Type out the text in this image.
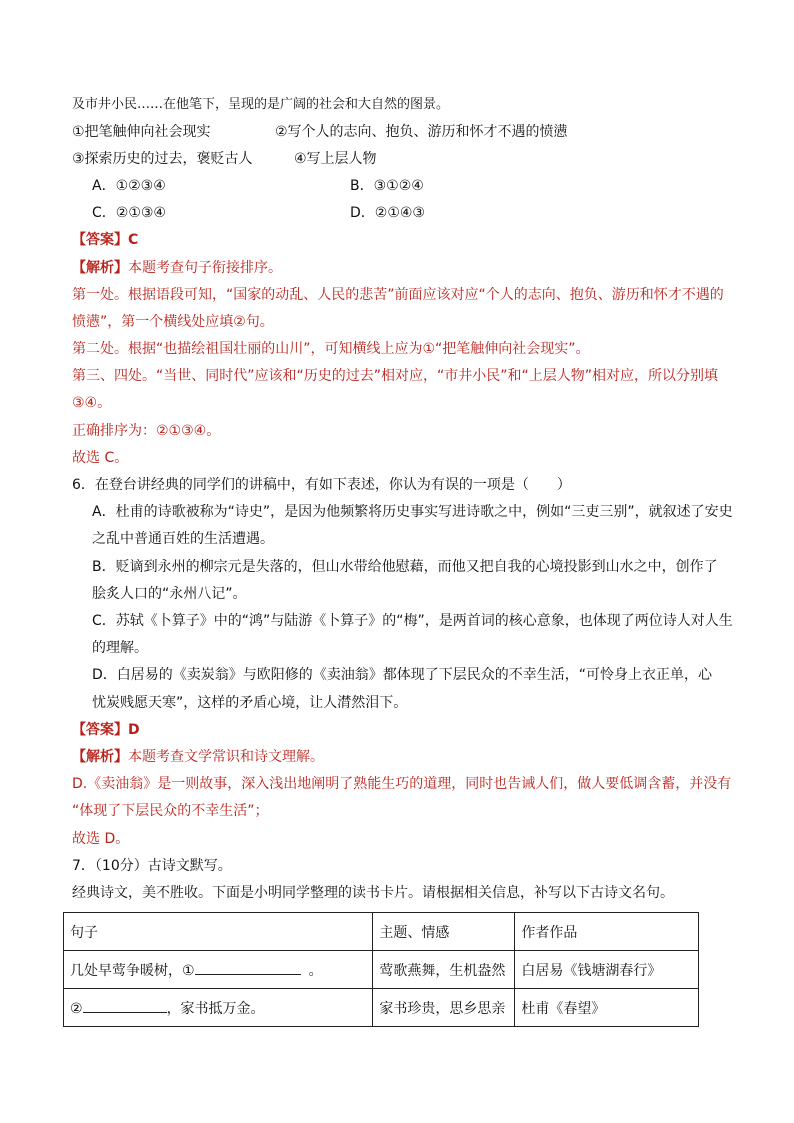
及市井小民……在他笔下，呈现的是广阔的社会和大自然的图景。
①把笔触伸向社会现实	②写个人的志向、抱负、游历和怀才不遇的愤懑
③探索历史的过去，褒贬古人	④写上层人物
A．①②③④	B．③①②④
C．②①③④	D．②①④③
【答案】C
【解析】本题考查句子衔接排序。
第一处。根据语段可知，“国家的动乱、人民的悲苦”前面应该对应“个人的志向、抱负、游历和怀才不遇的
愤懑”，第一个横线处应填②句。
第二处。根据“也描绘祖国壮丽的山川”，可知横线上应为①“把笔触伸向社会现实”。
第三、四处。“当世、同时代”应该和“历史的过去”相对应，“市井小民”和“上层人物”相对应，所以分别填
③④。
正确排序为：②①③④。
故选 C。
6．在登台讲经典的同学们的讲稿中，有如下表述，你认为有误的一项是（　　）
A．杜甫的诗歌被称为“诗史”，是因为他频繁将历史事实写进诗歌之中，例如“三吏三别”，就叙述了安史
之乱中普通百姓的生活遭遇。
B．贬谪到永州的柳宗元是失落的，但山水带给他慰藉，而他又把自我的心境投影到山水之中，创作了
脍炙人口的“永州八记”。
C．苏轼《卜算子》中的“鸿”与陆游《卜算子》的“梅”，是两首词的核心意象，也体现了两位诗人对人生
的理解。
D．白居易的《卖炭翁》与欧阳修的《卖油翁》都体现了下层民众的不幸生活，“可怜身上衣正单，心
忧炭贱愿天寒”，这样的矛盾心境，让人潸然泪下。
【答案】D
【解析】本题考查文学常识和诗文理解。
D.《卖油翁》是一则故事，深入浅出地阐明了熟能生巧的道理，同时也告诫人们，做人要低调含蓄，并没有
“体现了下层民众的不幸生活”；
故选 D。
7．（10分）古诗文默写。
经典诗文，美不胜收。下面是小明同学整理的读书卡片。请根据相关信息，补写以下古诗文名句。
句子	主题、情感	作者作品
几处早莺争暖树，① 。	莺歌燕舞，生机盎然	白居易《钱塘湖春行》
② ，家书抵万金。	家书珍贵，思乡思亲	杜甫《春望》
